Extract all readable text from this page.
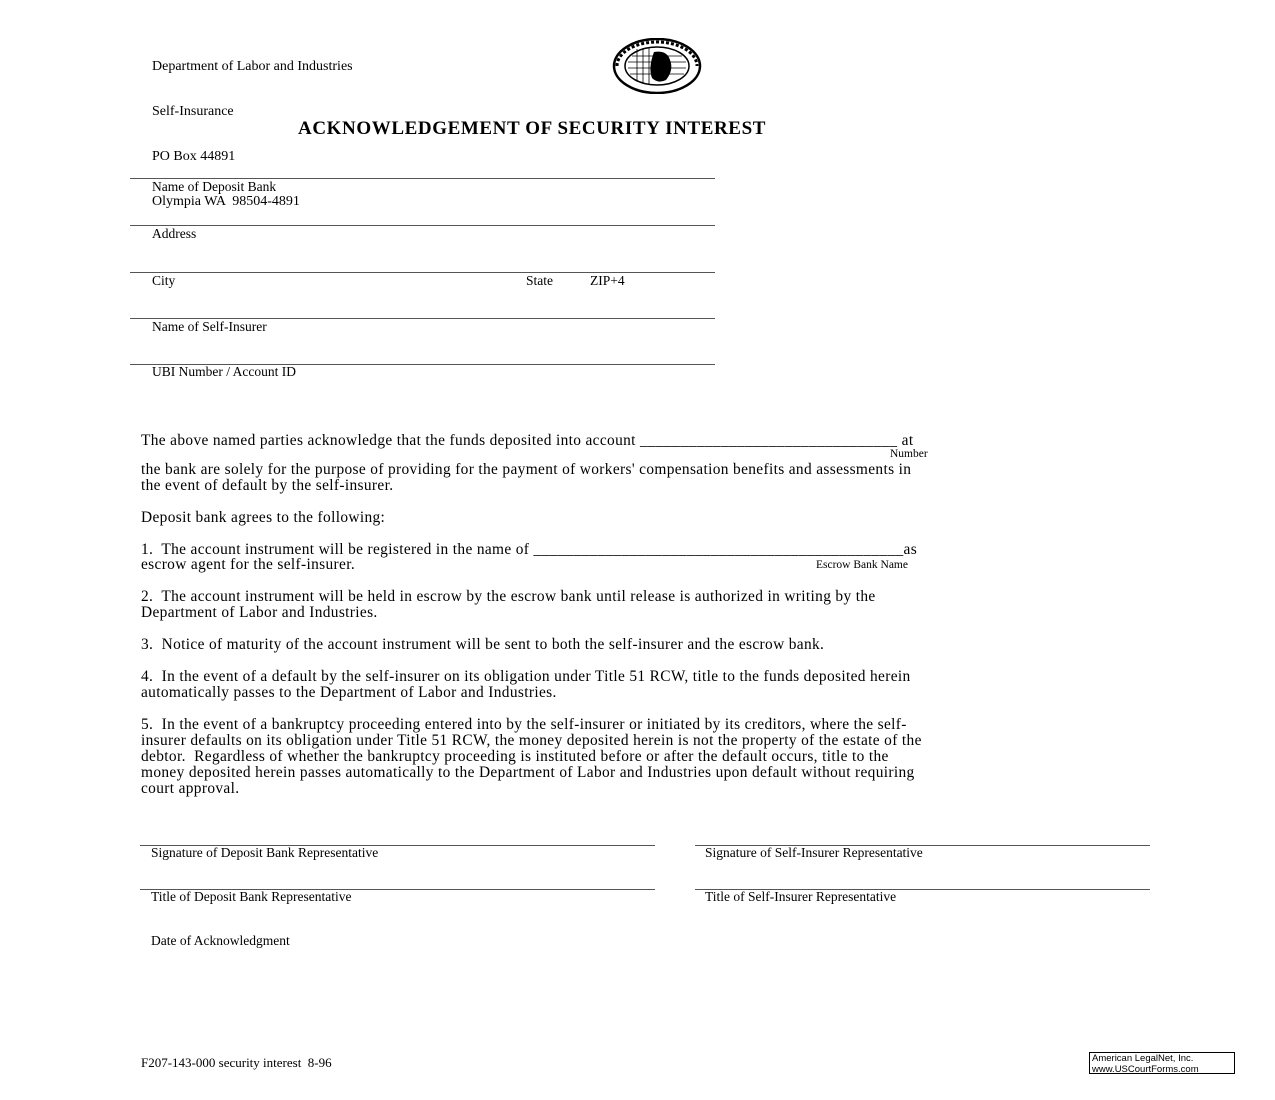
Department of Labor and Industries

Self-Insurance

PO Box 44891

Olympia WA  98504-4891

ACKNOWLEDGEMENT OF SECURITY INTEREST
Name of Deposit Bank
Address
City	State	ZIP+4
Name of Self-Insurer
UBI Number / Account ID
The above named parties acknowledge that the funds deposited into account ________________________________ at
Number
the bank are solely for the purpose of providing for the payment of workers' compensation benefits and assessments in
the event of default by the self-insurer.
Deposit bank agrees to the following:
1.  The account instrument will be registered in the name of ______________________________________________as
escrow agent for the self-insurer.	Escrow Bank Name
2.  The account instrument will be held in escrow by the escrow bank until release is authorized in writing by the
Department of Labor and Industries.
3.  Notice of maturity of the account instrument will be sent to both the self-insurer and the escrow bank.
4.  In the event of a default by the self-insurer on its obligation under Title 51 RCW, title to the funds deposited herein
automatically passes to the Department of Labor and Industries.
5.  In the event of a bankruptcy proceeding entered into by the self-insurer or initiated by its creditors, where the self-
insurer defaults on its obligation under Title 51 RCW, the money deposited herein is not the property of the estate of the
debtor.  Regardless of whether the bankruptcy proceeding is instituted before or after the default occurs, title to the
money deposited herein passes automatically to the Department of Labor and Industries upon default without requiring
court approval.
Signature of Deposit Bank Representative	Signature of Self-Insurer Representative
Title of Deposit Bank Representative	Title of Self-Insurer Representative
Date of Acknowledgment
F207-143-000 security interest  8-96	American LegalNet, Inc.
www.USCourtForms.com
